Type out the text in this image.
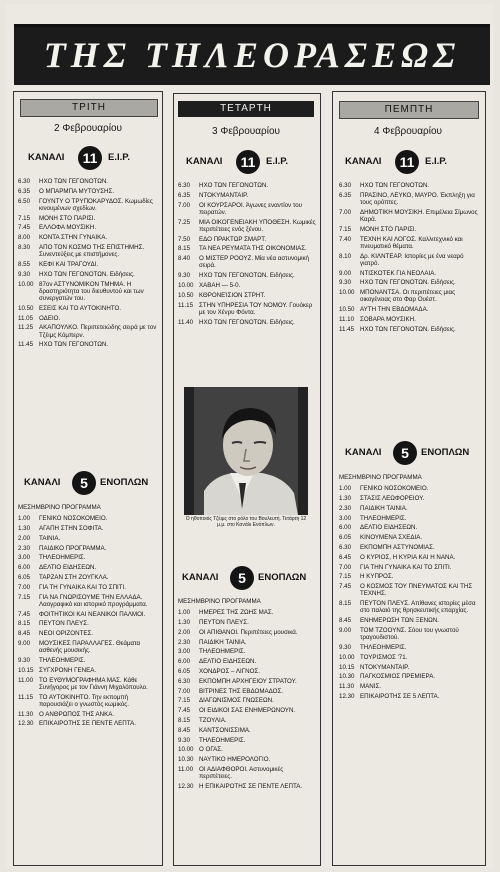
ΤΗΣ ΤΗΛΕΟΡΑΣΕΩΣ
ΤΡΙΤΗ
2 Φεβρουαρίου
ΚΑΝΑΛΙ	11	Ε.Ι.Ρ.
6.30 ΗΧΟ ΤΩΝ ΓΕΓΟΝΟΤΩΝ.
6.35 Ο ΜΠΑΡΜΠΑ ΜΥΤΟΥΣΗΣ.
6.50 ΓΟΥΝΤΥ Ο ΤΡΥΠΟΚΑΡΥΔΟΣ. Κωμωδίες κινουμένων σχεδίων.
7.15 ΜΟΝΗ ΣΤΟ ΠΑΡΙΣΙ.
7.45 ΕΛΛΟΦΑ ΜΟΥΣΙΚΗ.
8.00 ΚΟΝΤΑ ΣΤΗΝ ΓΥΝΑΙΚΑ.
8.30 ΑΠΟ ΤΟΝ ΚΟΣΜΟ ΤΗΣ ΕΠΙΣΤΗΜΗΣ. Συνεντεύξεις με επιστήμονες.
8.55 ΚΕΦΙ ΚΑΙ ΤΡΑΓΟΥΔΙ.
9.30 ΗΧΟ ΤΩΝ ΓΕΓΟΝΟΤΩΝ. Ειδήσεις.
10.00 87ον ΑΣΤΥΝΟΜΙΚΟΝ ΤΜΗΜΑ. Η δραστηριότητα του διευθυντού και των συνεργατών του.
10.50 ΕΣΕΙΣ ΚΑΙ ΤΟ ΑΥΤΟΚΙΝΗΤΟ.
11.05 ΟΔΕΙΟ.
11.25 ΑΚΑΠΟΥΛΚΟ. Περιπετειώδης σειρά με τον Τζέιμς Κόμπερν.
11.45 ΗΧΟ ΤΩΝ ΓΕΓΟΝΟΤΩΝ.
ΚΑΝΑΛΙ	5	ΕΝΟΠΛΩΝ
ΜΕΣΗΜΒΡΙΝΟ ΠΡΟΓΡΑΜΜΑ
1.00 ΓΕΝΙΚΟ ΝΟΣΟΚΟΜΕΙΟ.
1.30 ΑΓΑΠΗ ΣΤΗΝ ΣΟΦΙΤΑ.
2.00 ΤΑΙΝΙΑ.
2.30 ΠΑΙΔΙΚΟ ΠΡΟΓΡΑΜΜΑ.
3.00 ΤΗΛΕΟΗΜΕΡΙΣ.
6.00 ΔΕΛΤΙΟ ΕΙΔΗΣΕΩΝ.
6.05 ΤΑΡΖΑΝ ΣΤΗ ΖΟΥΓΚΛΑ.
7.00 ΓΙΑ ΤΗ ΓΥΝΑΙΚΑ ΚΑΙ ΤΟ ΣΠΙΤΙ.
7.15 ΓΙΑ ΝΑ ΓΝΩΡΙΣΟΥΜΕ ΤΗΝ ΕΛΛΑΔΑ. Λαογραφικό και ιστορικό προγράμματα.
7.45 ΦΟΙΤΗΤΙΚΟΙ ΚΑΙ ΝΕΑΝΙΚΟΙ ΠΑΛΜΟΙ.
8.15 ΠΕΥΤΟΝ ΠΛΕΥΣ.
8.45 ΝΕΟΙ ΟΡΙΖΟΝΤΕΣ.
9.00 ΜΟΥΣΙΚΕΣ ΠΑΡΑΛΛΑΓΕΣ. Θεάματα ασθενής μουσικής.
9.30 ΤΗΛΕΟΗΜΕΡΙΣ.
10.15 ΣΥΓΧΡΟΝΗ ΓΕΝΕΑ.
11.00 ΤΟ ΕΥΘΥΜΟΓΡΑΦΗΜΑ ΜΑΣ. Κάθε Συνήγορος με τον Γιάννη Μιχαλόπουλο.
11.15 ΤΟ ΑΥΤΟΚΙΝΗΤΟ. Την εκπομπή παρουσιάζει ο γνωστός κωμικός.
11.30 Ο ΑΝΘΡΩΠΟΣ ΤΗΣ ΑΝΚΑ.
12.30 ΕΠΙΚΑΙΡΟΤΗΣ ΣΕ ΠΕΝΤΕ ΛΕΠΤΑ.
ΤΕΤΑΡΤΗ
3 Φεβρουαρίου
ΚΑΝΑΛΙ	11	Ε.Ι.Ρ.
6.30 ΗΧΟ ΤΩΝ ΓΕΓΟΝΟΤΩΝ.
6.35 ΝΤΟΚΥΜΑΝΤΑΙΡ.
7.00 ΟΙ ΚΟΥΡΣΑΡΟΙ. Άγωνες εναντίον του πειρατών.
7.25 ΜΙΑ ΟΙΚΟΓΕΝΕΙΑΚΗ ΥΠΟΘΕΣΗ. Κωμικές περιπέτειες ενός ξένου.
7.50 ΕΔΟ ΠΡΑΚΤΩΡ ΣΜΑΡΤ.
8.15 ΤΑ ΝΕΑ ΡΕΥΜΑΤΑ ΤΗΣ ΟΙΚΟΝΟΜΙΑΣ.
8.40 Ο ΜΙΣΤΕΡ ΡΟΟΥΖ. Μία νέα αστυνομική σειρά.
9.30 ΗΧΟ ΤΩΝ ΓΕΓΟΝΟΤΩΝ. Ειδήσεις.
10.00 ΧΑΒΑΗ — 5-0.
10.50 ΚΘΡΟΝΕΊΣΙΟΝ ΣΤΡΗΤ.
11.15 ΣΤΗΝ ΥΠΗΡΕΣΙΑ ΤΟΥ ΝΟΜΟΥ. Γουόκερ με τον Χένρυ Φόντα.
11.40 ΗΧΟ ΤΩΝ ΓΕΓΟΝΟΤΩΝ. Ειδήσεις.
Ο ηθοποιός Τζέιμς στο ρόλο του Βουλευτή. Τετάρτη 12 μ.μ. στο Κανάλι Ενόπλων.
ΚΑΝΑΛΙ	5	ΕΝΟΠΛΩΝ
ΜΕΣΗΜΒΡΙΝΟ ΠΡΟΓΡΑΜΜΑ
1.00 ΗΜΕΡΕΣ ΤΗΣ ΖΩΗΣ ΜΑΣ.
1.30 ΠΕΥΤΟΝ ΠΛΕΥΣ.
2.00 ΟΙ ΑΠΙΘΑΝΟΙ. Περιπέτειες μουσικά.
2.30 ΠΑΙΔΙΚΗ ΤΑΙΝΙΑ.
3.00 ΤΗΛΕΟΗΜΕΡΙΣ.
6.00 ΔΕΛΤΙΟ ΕΙΔΗΣΕΩΝ.
6.05 ΧΟΝΔΡΟΣ – ΛΙΓΝΟΣ.
6.30 ΕΚΠΟΜΠΗ ΑΡΧΗΓΕΙΟΥ ΣΤΡΑΤΟΥ.
7.00 ΒΙΤΡΙΝΕΣ ΤΗΣ ΕΒΔΟΜΑΔΟΣ.
7.15 ΔΙΑΓΩΝΙΣΜΟΣ ΓΝΩΣΕΩΝ.
7.45 ΟΙ ΕΙΔΙΚΟΙ ΣΑΣ ΕΝΗΜΕΡΩΝΟΥΝ.
8.15 ΤΖΟΥΛΙΑ.
8.45 ΚΑΝΤΣΟΝΙΣΣΙΜΑ.
9.30 ΤΗΛΕΟΗΜΕΡΙΣ.
10.00 Ο ΟΓΑΣ.
10.30 ΝΑΥΤΙΚΟ ΗΜΕΡΟΛΟΓΙΟ.
11.00 ΟΙ ΑΔΙΑΦΘΟΡΟΙ. Αστυνομικές περιπέτειες.
12.30 Η ΕΠΙΚΑΙΡΟΤΗΣ ΣΕ ΠΕΝΤΕ ΛΕΠΤΑ.
ΠΕΜΠΤΗ
4 Φεβρουαρίου
ΚΑΝΑΛΙ	11	Ε.Ι.Ρ.
6.30 ΗΧΟ ΤΩΝ ΓΕΓΟΝΟΤΩΝ.
6.35 ΠΡΑΣΙΝΟ, ΛΕΥΚΟ, ΜΑΥΡΟ. Έκπληξη για τους ορόπτες.
7.00 ΔΗΜΟΤΙΚΗ ΜΟΥΣΙΚΗ. Επιμέλεια Σίμωνος Καρά.
7.15 ΜΟΝΗ ΣΤΟ ΠΑΡΙΣΙ.
7.40 ΤΕΧΝΗ ΚΑΙ ΛΟΓΟΣ. Καλλιτεχνικό και πνευματικό θέματα.
8.10 Δρ. ΚΙΛΝΤΕΑΡ. Ιστορίες με ένα νεαρό γιατρό.
9.00 ΝΤΙΣΚΟΤΕΚ ΓΙΑ ΝΕΟΛΑΙΑ.
9.30 ΗΧΟ ΤΩΝ ΓΕΓΟΝΟΤΩΝ. Ειδήσεις.
10.00 ΜΠΟΝΑΝΤΣΑ. Οι περιπέτειες μιας οικογένειας στο Φαρ Ουέστ.
10.50 ΑΥΤΗ ΤΗΝ ΕΒΔΟΜΑΔΑ.
11.10 ΣΟΒΑΡΑ ΜΟΥΣΙΚΗ.
11.45 ΗΧΟ ΤΩΝ ΓΕΓΟΝΟΤΩΝ. Ειδήσεις.
ΚΑΝΑΛΙ	5	ΕΝΟΠΛΩΝ
ΜΕΣΗΜΒΡΙΝΟ ΠΡΟΓΡΑΜΜΑ
1.00 ΓΕΝΙΚΟ ΝΟΣΟΚΟΜΕΙΟ.
1.30 ΣΤΑΣΙΣ ΛΕΩΦΟΡΕΙΟΥ.
2.30 ΠΑΙΔΙΚΗ ΤΑΙΝΙΑ.
3.00 ΤΗΛΕΟΗΜΕΡΙΣ.
6.00 ΔΕΛΤΙΟ ΕΙΔΗΣΕΩΝ.
6.05 ΚΙΝΟΥΜΕΝΑ ΣΧΕΔΙΑ.
6.30 ΕΚΠΟΜΠΗ ΑΣΤΥΝΟΜΙΑΣ.
6.45 Ο ΚΥΡΙΟΣ, Η ΚΥΡΙΑ ΚΑΙ Η ΝΑΝΑ.
7.00 ΓΙΑ ΤΗΝ ΓΥΝΑΙΚΑ ΚΑΙ ΤΟ ΣΠΙΤΙ.
7.15 Η ΚΥΠΡΟΣ.
7.45 Ο ΚΟΣΜΟΣ ΤΟΥ ΠΝΕΥΜΑΤΟΣ ΚΑΙ ΤΗΣ ΤΕΧΝΗΣ.
8.15 ΠΕΥΤΟΝ ΠΛΕΥΣ. Απίθανες ιστορίες μέσα στο παλαιό της θρησκευτικής επαρχίας.
8.45 ΕΝΗΜΕΡΩΣΗ ΤΩΝ ΞΕΝΩΝ.
9.00 ΤΟΜ ΤΖΟΟΥΝΣ. Σόου του γνωστού τραγουδιστού.
9.30 ΤΗΛΕΟΗΜΕΡΙΣ.
10.00 ΤΟΥΡΙΣΜΟΣ '71.
10.15 ΝΤΟΚΥΜΑΝΤΑΙΡ.
10.30 ΠΑΓΚΟΣΜΙΟΣ ΠΡΕΜΙΕΡΑ.
11.30 ΜΑΝΙΣ.
12.30 ΕΠΙΚΑΙΡΟΤΗΣ ΣΕ 5 ΛΕΠΤΑ.
